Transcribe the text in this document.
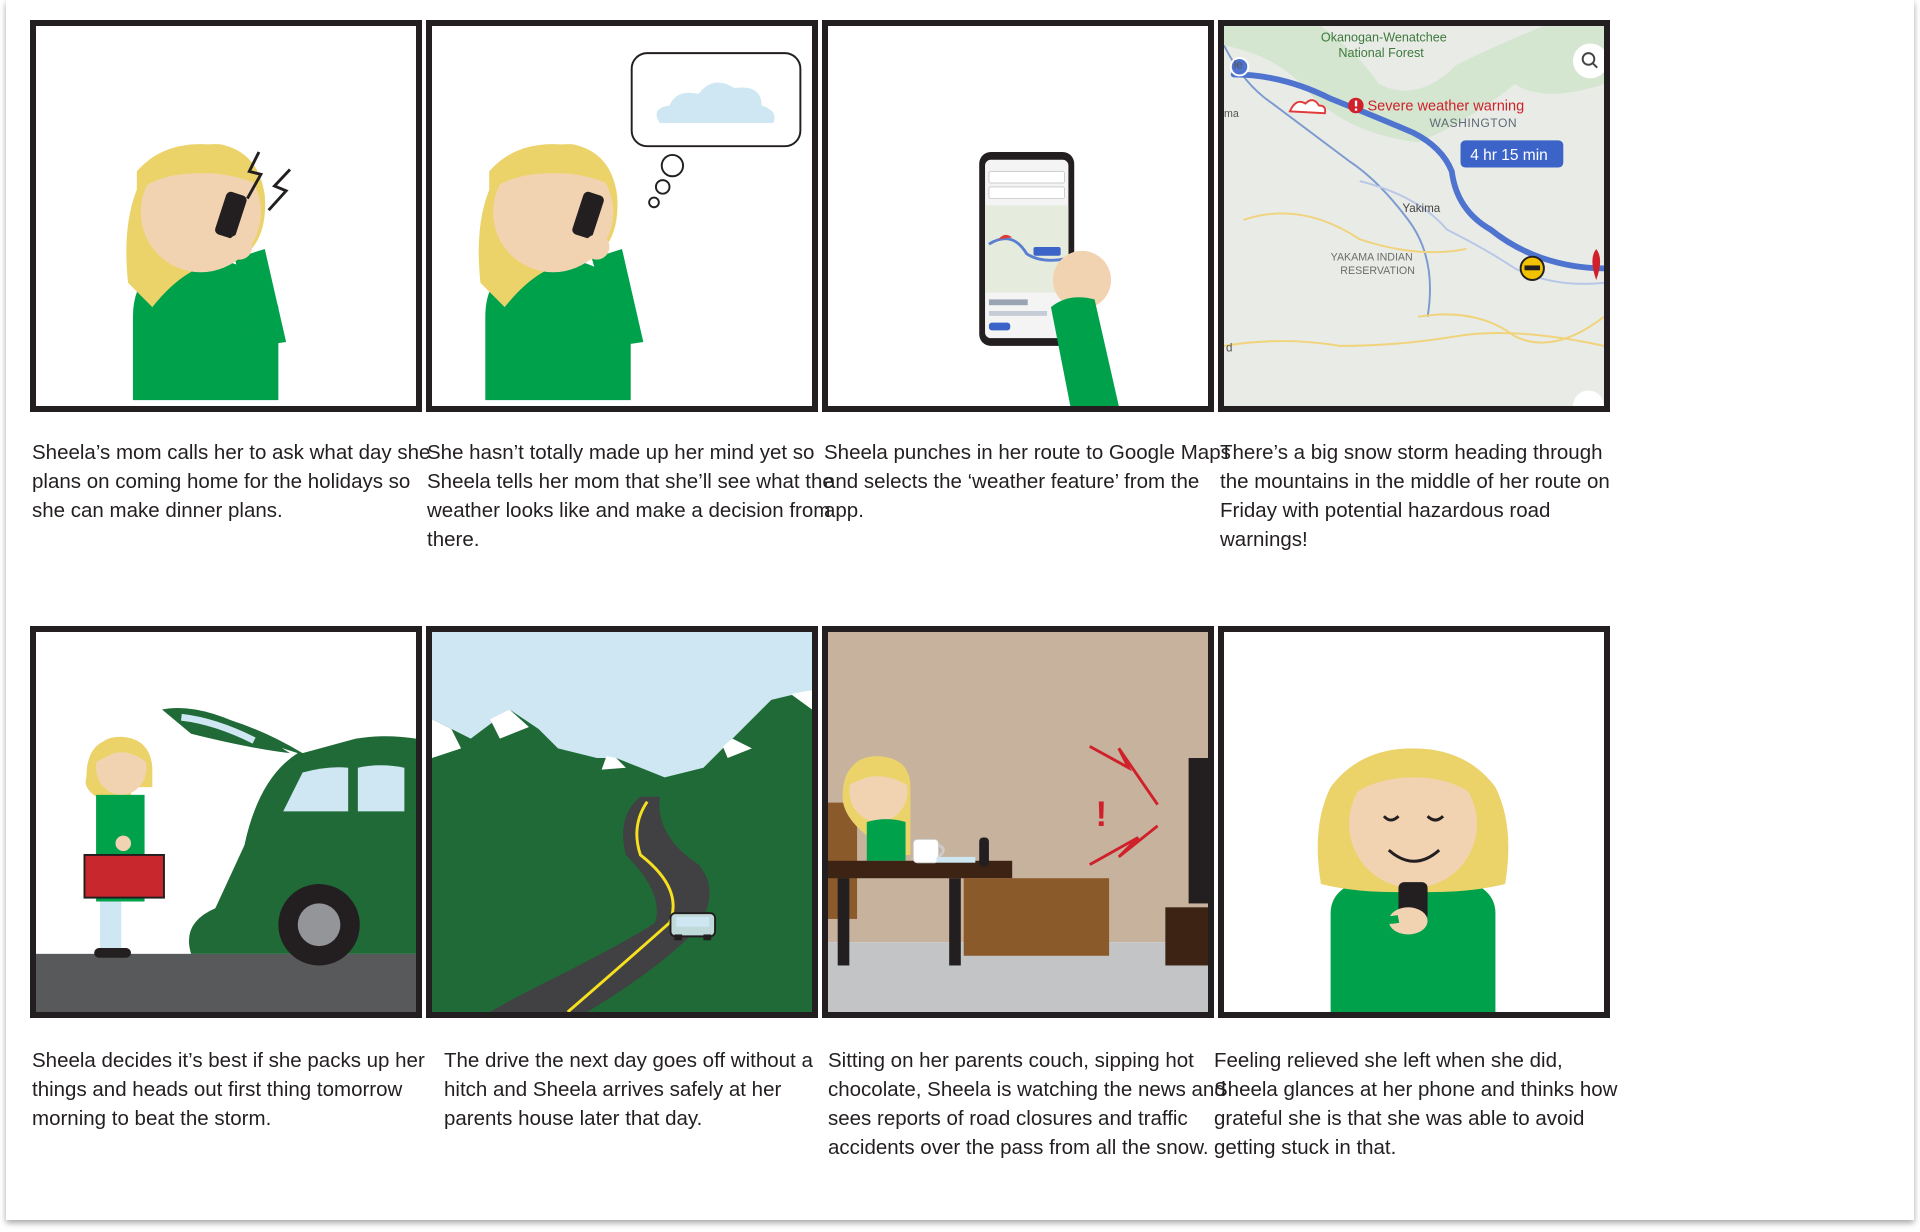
Sheela’s mom calls her to ask what day she plans on coming home for the holidays so she can make dinner plans.

She hasn’t totally made up her mind yet so Sheela tells her mom that she’ll see what the weather looks like and make a decision from there.

Sheela punches in her route to Google Maps and selects the ‘weather feature’ from the app.

Severe weather warning
WASHINGTON
Okanogan-Wenatchee
National Forest
4 hr 15 min
Yakima
YAKAMA INDIAN
RESERVATION
le
ma
d

There’s a big snow storm heading through the mountains in the middle of her route on Friday with potential hazardous road warnings!

Sheela decides it’s best if she packs up her things and heads out first thing tomorrow morning to beat the storm.

The drive the next day goes off without a hitch and Sheela arrives safely at her parents house later that day.

!

Sitting on her parents couch, sipping hot chocolate, Sheela is watching the news and sees reports of road closures and traffic accidents over the pass from all the snow.

Feeling relieved she left when she did, Sheela glances at her phone and thinks how grateful she is that she was able to avoid getting stuck in that.
